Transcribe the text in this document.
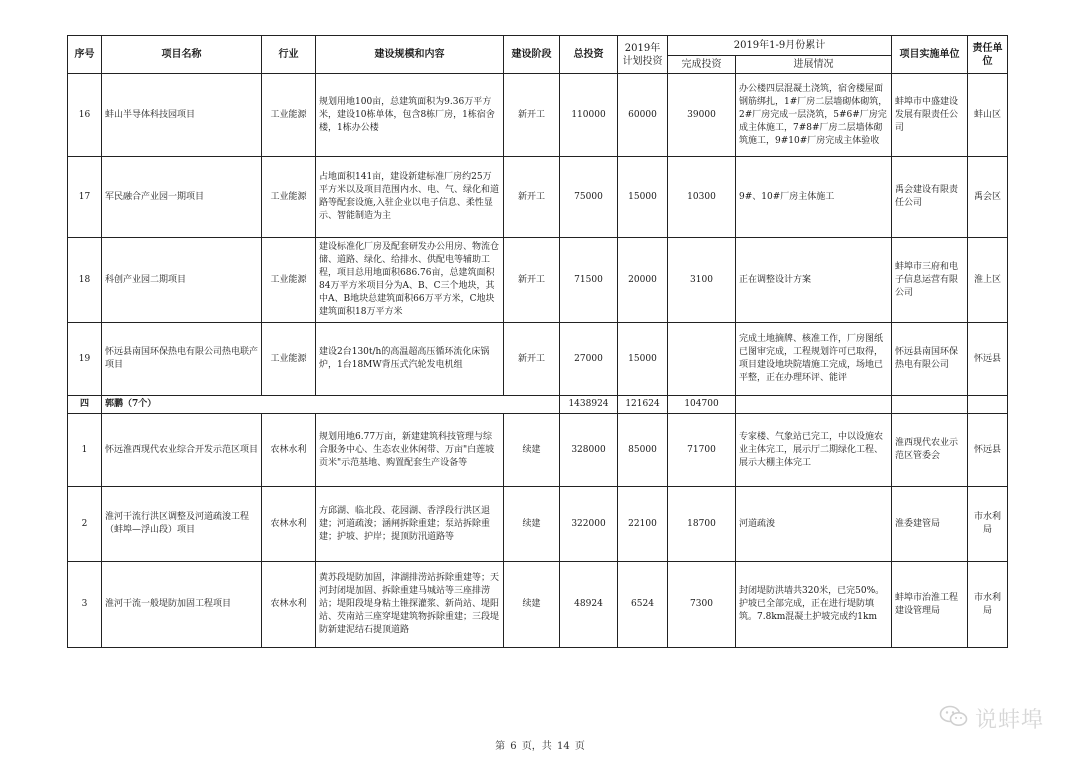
序号	项目名称	行业	建设规模和内容	建设阶段	总投资	2019年计划投资	2019年1-9月份累计		项目实施单位	责任单位
							完成投资	进展情况		
16	蚌山半导体科技园项目	工业能源	规划用地100亩，总建筑面积为9.36万平方米，建设10栋单体，包含8栋厂房，1栋宿舍楼，1栋办公楼	新开工	110000	60000	39000	办公楼四层混凝土浇筑，宿舍楼屋面钢筋绑扎，1#厂房二层墙砌体砌筑，2#厂房完成一层浇筑，5#6#厂房完成主体施工，7#8#厂房二层墙体砌筑施工，9#10#厂房完成主体验收	蚌埠市中盛建设发展有限责任公司	蚌山区
17	军民融合产业园一期项目	工业能源	占地面积141亩，建设新建标准厂房约25万平方米以及项目范围内水、电、气、绿化和道路等配套设施,入驻企业以电子信息、柔性显示、智能制造为主	新开工	75000	15000	10300	9#、10#厂房主体施工	禹会建设有限责任公司	禹会区
18	科创产业园二期项目	工业能源	建设标准化厂房及配套研发办公用房、物流仓储、道路、绿化、给排水、供配电等辅助工程，项目总用地面积686.76亩，总建筑面积84万平方米项目分为A、B、C三个地块，其中A、B地块总建筑面积66万平方米，C地块建筑面积18万平方米	新开工	71500	20000	3100	正在调整设计方案	蚌埠市三府和电子信息运营有限公司	淮上区
19	怀远县南国环保热电有限公司热电联产项目	工业能源	建设2台130t/h的高温超高压循环流化床锅炉，1台18MW背压式汽轮发电机组	新开工	27000	15000		完成土地摘牌、核准工作，厂房图纸已图审完成，工程规划许可已取得，项目建设地块院墙施工完成，场地已平整，正在办理环评、能评	怀远县南国环保热电有限公司	怀远县
四	郭鹏（7个）				1438924	121624	104700			
1	怀远淮西现代农业综合开发示范区项目	农林水利	规划用地6.77万亩，新建建筑科技管理与综合服务中心、生态农业休闲带、万亩"白莲坡贡米"示范基地、购置配套生产设备等	续建	328000	85000	71700	专家楼、气象站已完工，中以设施农业主体完工，展示厅二期绿化工程、展示大棚主体完工	淮西现代农业示范区管委会	怀远县
2	淮河干流行洪区调整及河道疏浚工程（蚌埠—浮山段）项目	农林水利	方邱湖、临北段、花园湖、香浮段行洪区退建；河道疏浚；涵闸拆除重建；泵站拆除重建；护坡、护岸；提顶防汛道路等	续建	322000	22100	18700	河道疏浚	淮委建管局	市水利局
3	淮河干流一般堤防加固工程项目	农林水利	黄苏段堤防加固，津湖排涝站拆除重建等；天河封闭堤加固、拆除重建马城站等三座排涝站；堤阳段堤身粘土锥探灌浆、新尚站、堤阳站、芡南站三座穿堤建筑物拆除重建；三段堤防新建泥结石提顶道路	续建	48924	6524	7300	封闭堤防洪墙共320米，已完50%。护坡已全部完成，正在进行堤防填筑。7.8km混凝土护坡完成约1km	蚌埠市治淮工程建设管理局	市水利局
第 6 页，共 14 页
说蚌埠
